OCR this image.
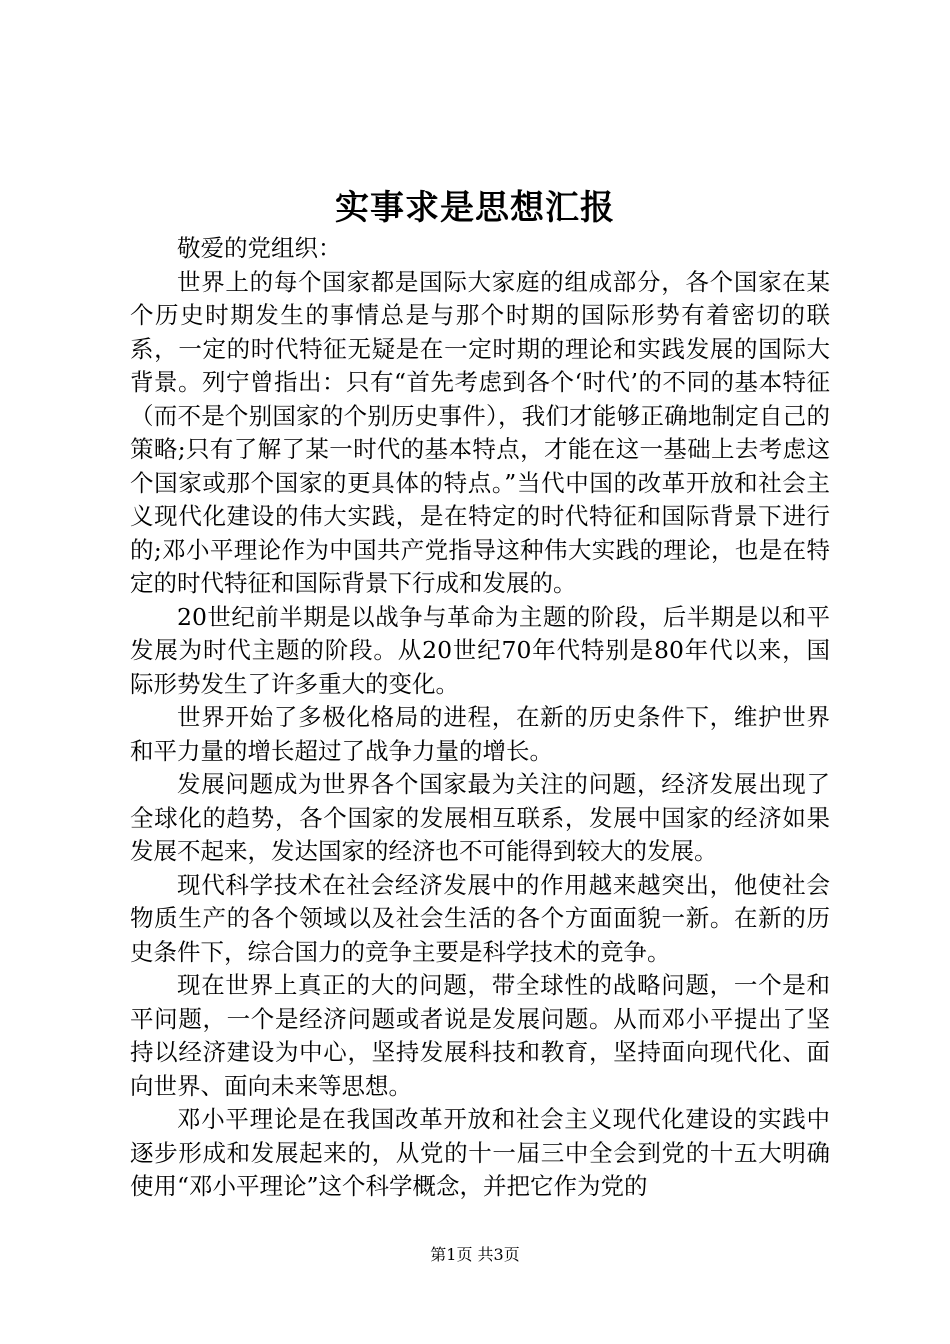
实事求是思想汇报

敬爱的党组织：

世界上的每个国家都是国际大家庭的组成部分，各个国家在某个历史时期发生的事情总是与那个时期的国际形势有着密切的联系，一定的时代特征无疑是在一定时期的理论和实践发展的国际大背景。列宁曾指出：只有“首先考虑到各个‘时代’的不同的基本特征（而不是个别国家的个别历史事件），我们才能够正确地制定自己的策略;只有了解了某一时代的基本特点，才能在这一基础上去考虑这个国家或那个国家的更具体的特点。”当代中国的改革开放和社会主义现代化建设的伟大实践，是在特定的时代特征和国际背景下进行的;邓小平理论作为中国共产党指导这种伟大实践的理论，也是在特定的时代特征和国际背景下行成和发展的。

20世纪前半期是以战争与革命为主题的阶段，后半期是以和平发展为时代主题的阶段。从20世纪70年代特别是80年代以来，国际形势发生了许多重大的变化。

世界开始了多极化格局的进程，在新的历史条件下，维护世界和平力量的增长超过了战争力量的增长。

发展问题成为世界各个国家最为关注的问题，经济发展出现了全球化的趋势，各个国家的发展相互联系，发展中国家的经济如果发展不起来，发达国家的经济也不可能得到较大的发展。

现代科学技术在社会经济发展中的作用越来越突出，他使社会物质生产的各个领域以及社会生活的各个方面面貌一新。在新的历史条件下，综合国力的竞争主要是科学技术的竞争。

现在世界上真正的大的问题，带全球性的战略问题，一个是和平问题，一个是经济问题或者说是发展问题。从而邓小平提出了坚持以经济建设为中心，坚持发展科技和教育，坚持面向现代化、面向世界、面向未来等思想。

邓小平理论是在我国改革开放和社会主义现代化建设的实践中逐步形成和发展起来的，从党的十一届三中全会到党的十五大明确使用“邓小平理论”这个科学概念，并把它作为党的

第1页 共3页
